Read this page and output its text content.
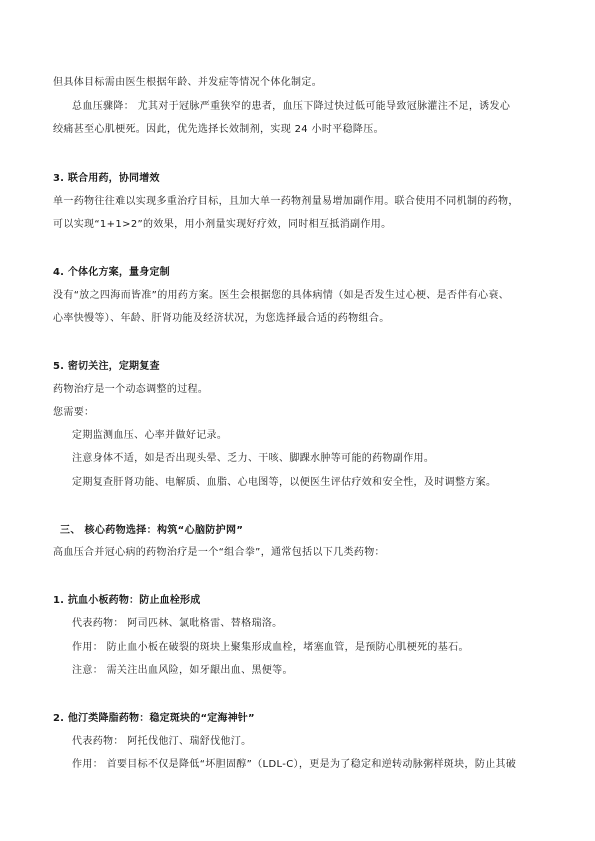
但具体目标需由医生根据年龄、并发症等情况个体化制定。
总血压骤降： 尤其对于冠脉严重狭窄的患者，血压下降过快过低可能导致冠脉灌注不足，诱发心
绞痛甚至心肌梗死。因此，优先选择长效制剂，实现 24 小时平稳降压。
3. 联合用药，协同增效
单一药物往往难以实现多重治疗目标，且加大单一药物剂量易增加副作用。联合使用不同机制的药物，
可以实现“1+1>2”的效果，用小剂量实现好疗效，同时相互抵消副作用。
4. 个体化方案，量身定制
没有“放之四海而皆准”的用药方案。医生会根据您的具体病情（如是否发生过心梗、是否伴有心衰、
心率快慢等）、年龄、肝肾功能及经济状况，为您选择最合适的药物组合。
5. 密切关注，定期复查
药物治疗是一个动态调整的过程。
您需要：
定期监测血压、心率并做好记录。
注意身体不适，如是否出现头晕、乏力、干咳、脚踝水肿等可能的药物副作用。
定期复查肝肾功能、电解质、血脂、心电图等，以便医生评估疗效和安全性，及时调整方案。
三、 核心药物选择：构筑“心脑防护网”
高血压合并冠心病的药物治疗是一个“组合拳”，通常包括以下几类药物：
1. 抗血小板药物：防止血栓形成
代表药物： 阿司匹林、氯吡格雷、替格瑞洛。
作用： 防止血小板在破裂的斑块上聚集形成血栓，堵塞血管，是预防心肌梗死的基石。
注意： 需关注出血风险，如牙龈出血、黑便等。
2. 他汀类降脂药物：稳定斑块的“定海神针”
代表药物： 阿托伐他汀、瑞舒伐他汀。
作用： 首要目标不仅是降低“坏胆固醇”（LDL-C），更是为了稳定和逆转动脉粥样斑块，防止其破
